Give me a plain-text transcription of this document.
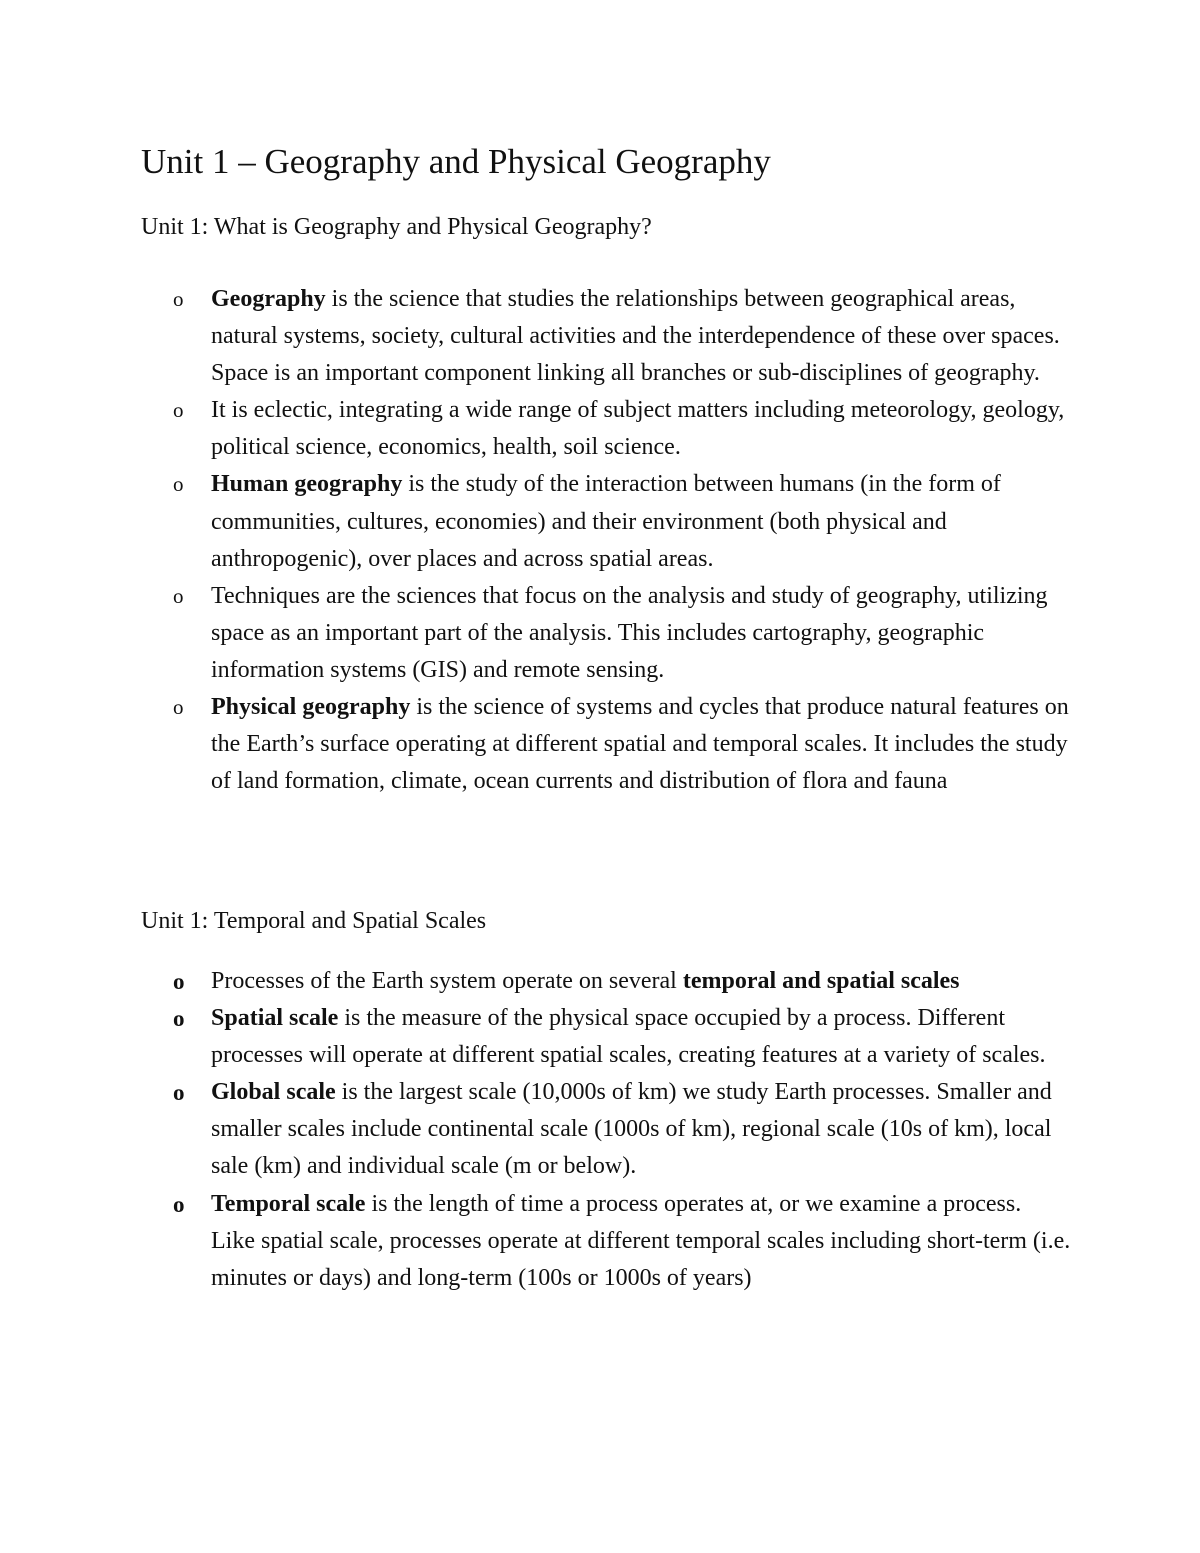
Unit 1 – Geography and Physical Geography
Unit 1: What is Geography and Physical Geography?
o Geography is the science that studies the relationships between geographical areas, natural systems, society, cultural activities and the interdependence of these over spaces. Space is an important component linking all branches or sub-disciplines of geography.
o It is eclectic, integrating a wide range of subject matters including meteorology, geology, political science, economics, health, soil science.
o Human geography is the study of the interaction between humans (in the form of communities, cultures, economies) and their environment (both physical and anthropogenic), over places and across spatial areas.
o Techniques are the sciences that focus on the analysis and study of geography, utilizing space as an important part of the analysis. This includes cartography, geographic information systems (GIS) and remote sensing.
o Physical geography is the science of systems and cycles that produce natural features on the Earth’s surface operating at different spatial and temporal scales. It includes the study of land formation, climate, ocean currents and distribution of flora and fauna
Unit 1: Temporal and Spatial Scales
o Processes of the Earth system operate on several temporal and spatial scales
o Spatial scale is the measure of the physical space occupied by a process. Different processes will operate at different spatial scales, creating features at a variety of scales.
o Global scale is the largest scale (10,000s of km) we study Earth processes. Smaller and smaller scales include continental scale (1000s of km), regional scale (10s of km), local sale (km) and individual scale (m or below).
o Temporal scale is the length of time a process operates at, or we examine a process. Like spatial scale, processes operate at different temporal scales including short-term (i.e. minutes or days) and long-term (100s or 1000s of years)
